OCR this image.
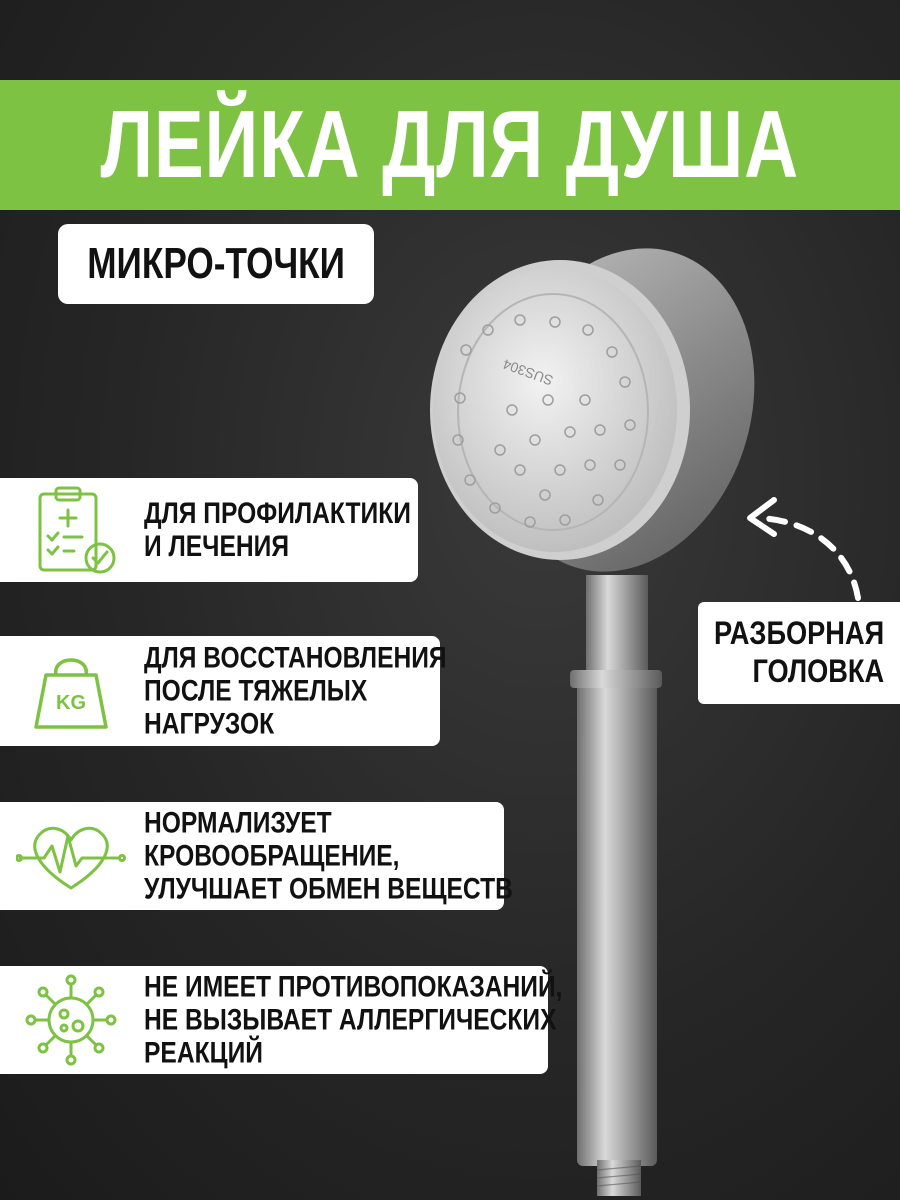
SUS304
ЛЕЙКА ДЛЯ ДУША
МИКРО-ТОЧКИ
ДЛЯ ПРОФИЛАКТИКИ
И ЛЕЧЕНИЯ
KG
ДЛЯ ВОССТАНОВЛЕНИЯ
ПОСЛЕ ТЯЖЕЛЫХ
НАГРУЗОК
НОРМАЛИЗУЕТ
КРОВООБРАЩЕНИЕ,
УЛУЧШАЕТ ОБМЕН ВЕЩЕСТВ
НЕ ИМЕЕТ ПРОТИВОПОКАЗАНИЙ,
НЕ ВЫЗЫВАЕТ АЛЛЕРГИЧЕСКИХ
РЕАКЦИЙ
РАЗБОРНАЯ
ГОЛОВКА
